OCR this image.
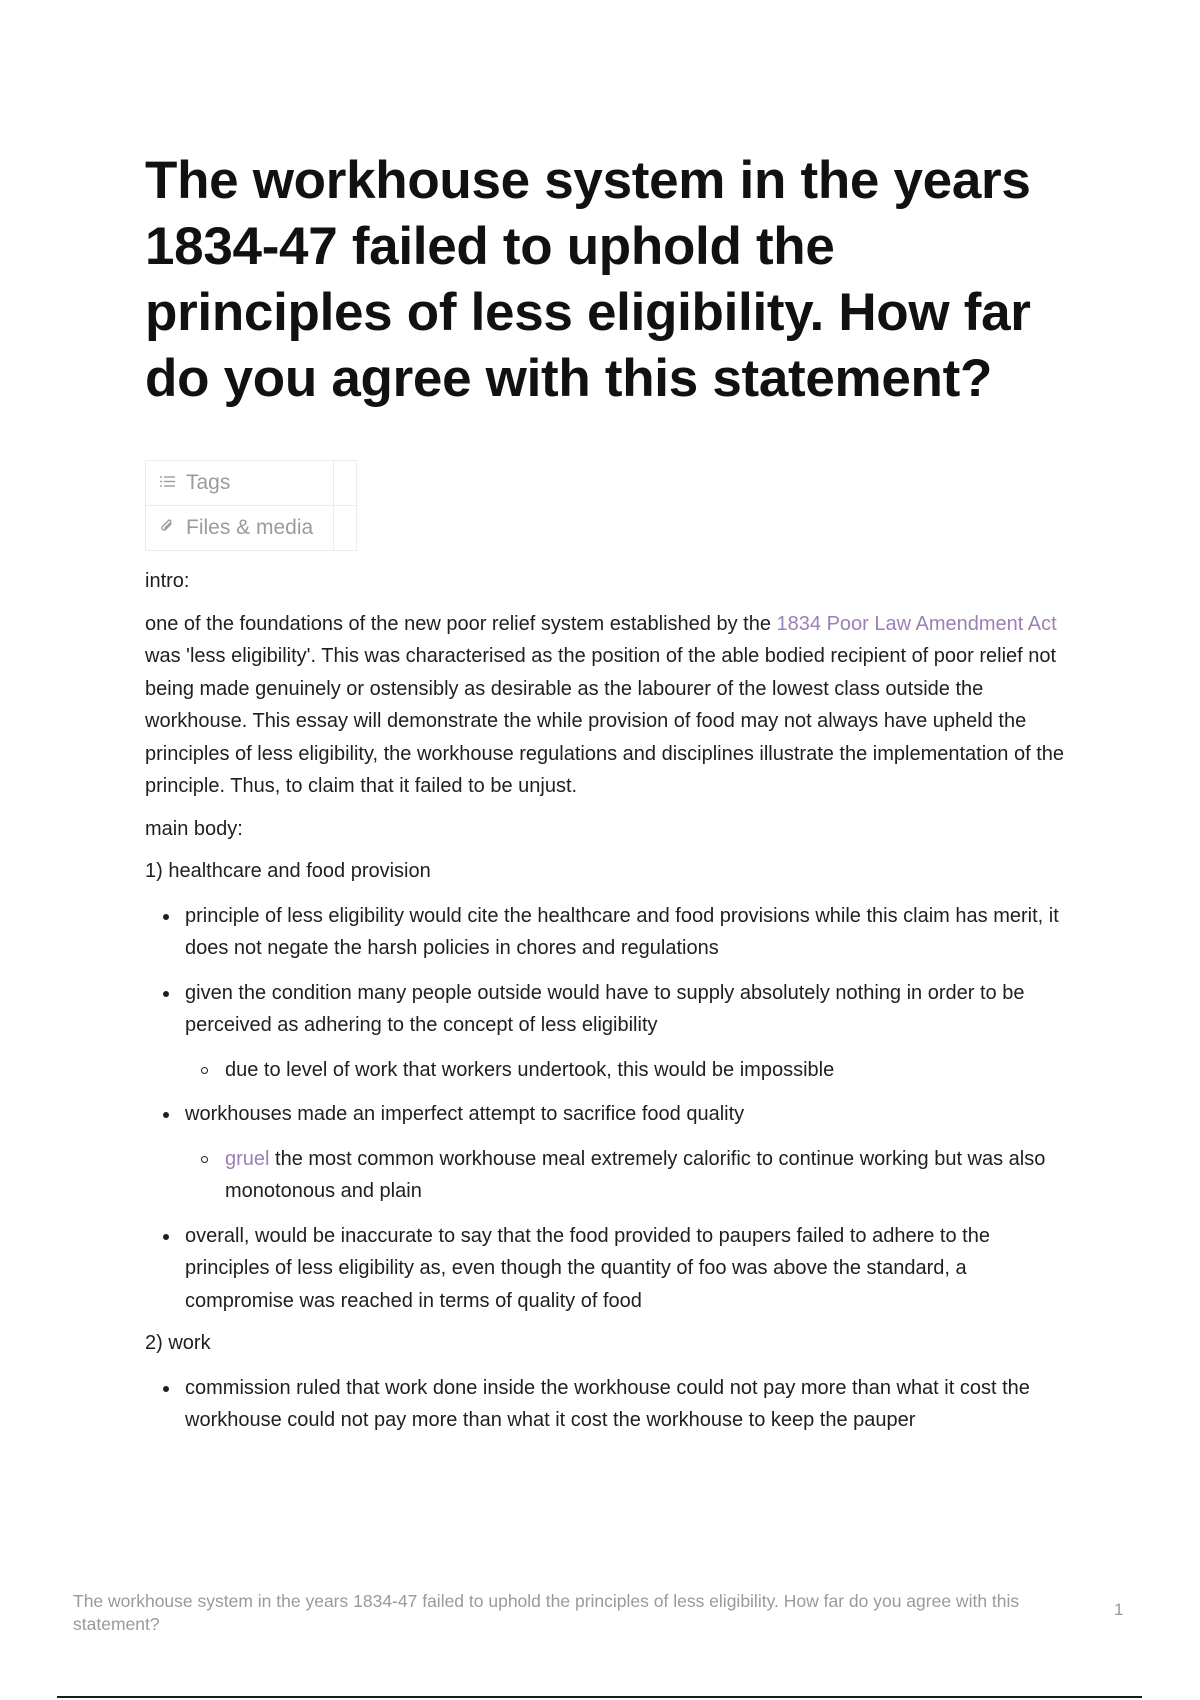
The workhouse system in the years 1834-47 failed to uphold the principles of less eligibility. How far do you agree with this statement?
Tags
Files & media

intro:

one of the foundations of the new poor relief system established by the 1834 Poor Law Amendment Act was 'less eligibility'. This was characterised as the position of the able bodied recipient of poor relief not being made genuinely or ostensibly as desirable as the labourer of the lowest class outside the workhouse. This essay will demonstrate the while provision of food may not always have upheld the principles of less eligibility, the workhouse regulations and disciplines illustrate the implementation of the principle. Thus, to claim that it failed to be unjust.

main body:

1) healthcare and food provision

principle of less eligibility would cite the healthcare and food provisions while this claim has merit, it does not negate the harsh policies in chores and regulations
given the condition many people outside would have to supply absolutely nothing in order to be perceived as adhering to the concept of less eligibility
due to level of work that workers undertook, this would be impossible
workhouses made an imperfect attempt to sacrifice food quality
gruel the most common workhouse meal extremely calorific to continue working but was also monotonous and plain
overall, would be inaccurate to say that the food provided to paupers failed to adhere to the principles of less eligibility as, even though the quantity of foo was above the standard, a compromise was reached in terms of quality of food

2) work

commission ruled that work done inside the workhouse could not pay more than what it cost the workhouse could not pay more than what it cost the workhouse to keep the pauper
The workhouse system in the years 1834-47 failed to uphold the principles of less eligibility. How far do you agree with this statement?
1
